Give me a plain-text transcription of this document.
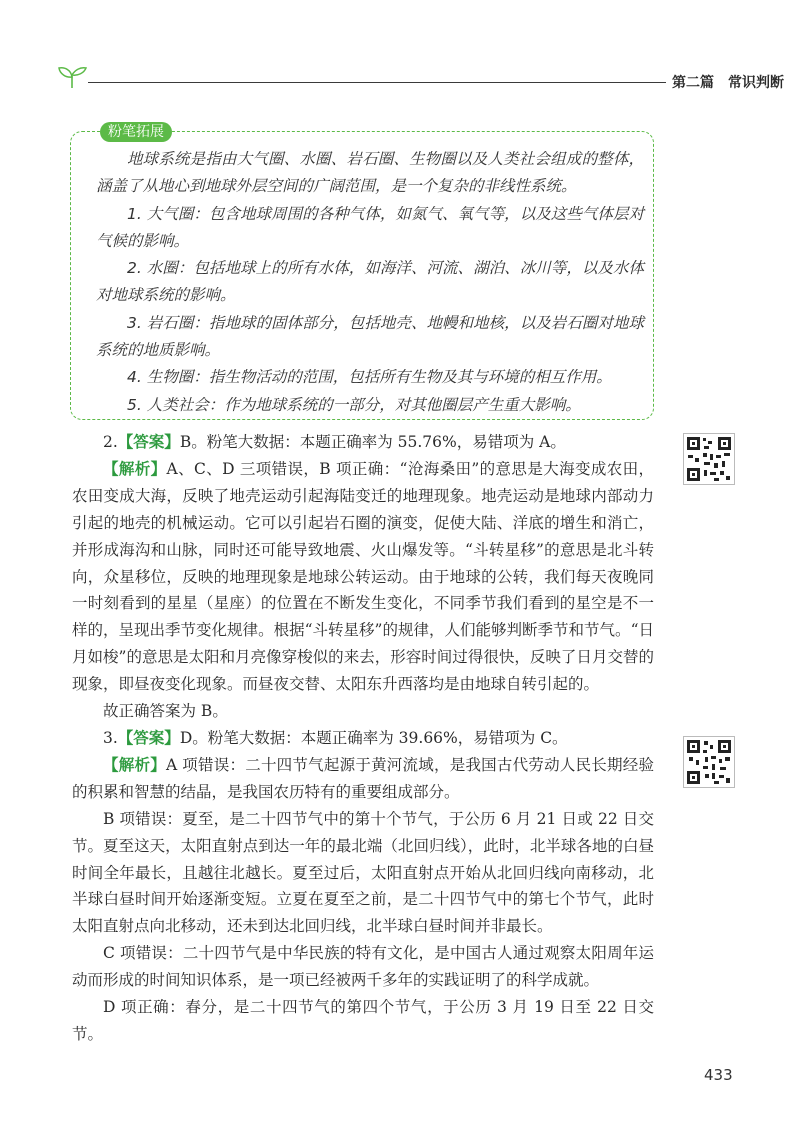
第二篇　常识判断
粉笔拓展

地球系统是指由大气圈、水圈、岩石圈、生物圈以及人类社会组成的整体，涵盖了从地心到地球外层空间的广阔范围，是一个复杂的非线性系统。

1. 大气圈：包含地球周围的各种气体，如氮气、氧气等，以及这些气体层对气候的影响。

2. 水圈：包括地球上的所有水体，如海洋、河流、湖泊、冰川等，以及水体对地球系统的影响。

3. 岩石圈：指地球的固体部分，包括地壳、地幔和地核，以及岩石圈对地球系统的地质影响。

4. 生物圈：指生物活动的范围，包括所有生物及其与环境的相互作用。

5. 人类社会：作为地球系统的一部分，对其他圈层产生重大影响。

2.【答案】B。粉笔大数据：本题正确率为 55.76%，易错项为 A。

【解析】A、C、D 三项错误，B 项正确：“沧海桑田”的意思是大海变成农田，农田变成大海，反映了地壳运动引起海陆变迁的地理现象。地壳运动是地球内部动力引起的地壳的机械运动。它可以引起岩石圈的演变，促使大陆、洋底的增生和消亡，并形成海沟和山脉，同时还可能导致地震、火山爆发等。“斗转星移”的意思是北斗转向，众星移位，反映的地理现象是地球公转运动。由于地球的公转，我们每天夜晚同一时刻看到的星星（星座）的位置在不断发生变化，不同季节我们看到的星空是不一样的，呈现出季节变化规律。根据“斗转星移”的规律，人们能够判断季节和节气。“日月如梭”的意思是太阳和月亮像穿梭似的来去，形容时间过得很快，反映了日月交替的现象，即昼夜变化现象。而昼夜交替、太阳东升西落均是由地球自转引起的。

故正确答案为 B。

3.【答案】D。粉笔大数据：本题正确率为 39.66%，易错项为 C。

【解析】A 项错误：二十四节气起源于黄河流域，是我国古代劳动人民长期经验的积累和智慧的结晶，是我国农历特有的重要组成部分。

B 项错误：夏至，是二十四节气中的第十个节气，于公历 6 月 21 日或 22 日交节。夏至这天，太阳直射点到达一年的最北端（北回归线），此时，北半球各地的白昼时间全年最长，且越往北越长。夏至过后，太阳直射点开始从北回归线向南移动，北半球白昼时间开始逐渐变短。立夏在夏至之前，是二十四节气中的第七个节气，此时太阳直射点向北移动，还未到达北回归线，北半球白昼时间并非最长。

C 项错误：二十四节气是中华民族的特有文化，是中国古人通过观察太阳周年运动而形成的时间知识体系，是一项已经被两千多年的实践证明了的科学成就。

D 项正确：春分，是二十四节气的第四个节气，于公历 3 月 19 日至 22 日交节。

433
